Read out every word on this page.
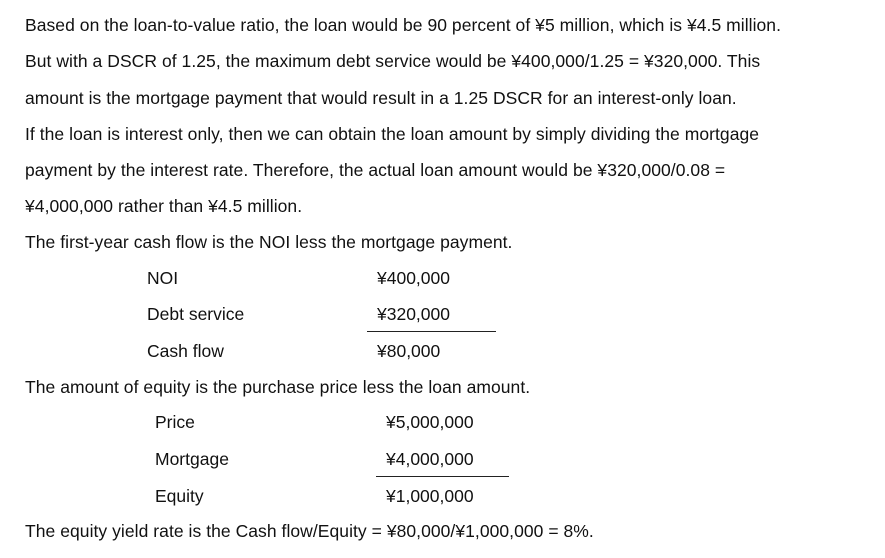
Based on the loan-to-value ratio, the loan would be 90 percent of ¥5 million, which is ¥4.5 million.
But with a DSCR of 1.25, the maximum debt service would be ¥400,000/1.25 = ¥320,000. This
amount is the mortgage payment that would result in a 1.25 DSCR for an interest-only loan.
If the loan is interest only, then we can obtain the loan amount by simply dividing the mortgage
payment by the interest rate. Therefore, the actual loan amount would be ¥320,000/0.08 =
¥4,000,000 rather than ¥4.5 million.
The first-year cash flow is the NOI less the mortgage payment.
NOI	¥400,000
Debt service	¥320,000
Cash flow	¥80,000
The amount of equity is the purchase price less the loan amount.
Price	¥5,000,000
Mortgage	¥4,000,000
Equity	¥1,000,000
The equity yield rate is the Cash flow/Equity = ¥80,000/¥1,000,000 = 8%.
